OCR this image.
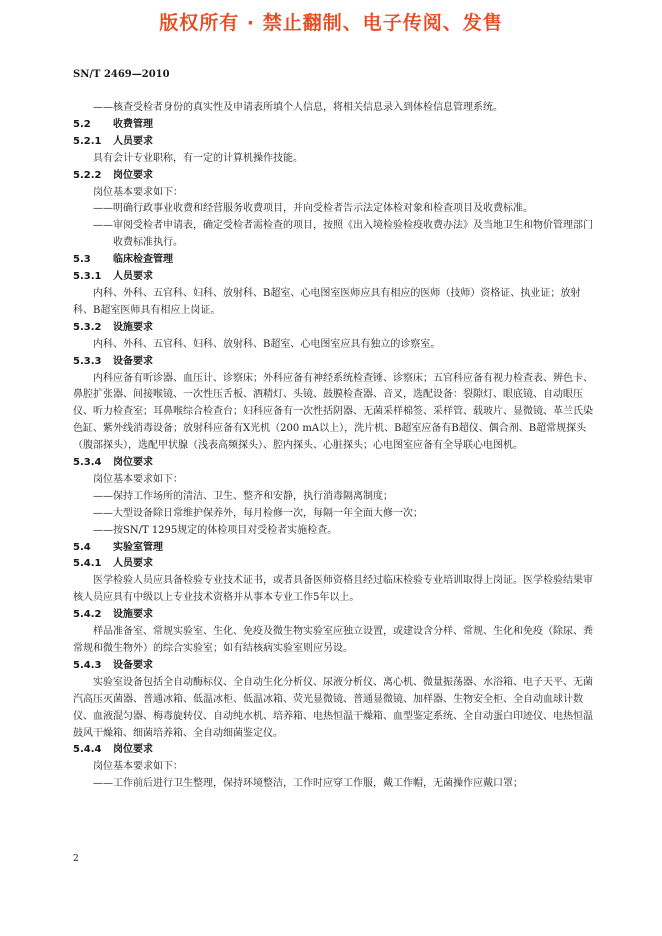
版权所有 · 禁止翻制、电子传阅、发售
SN/T 2469—2010
——核查受检者身份的真实性及申请表所填个人信息，将相关信息录入到体检信息管理系统。
5.2 收费管理
5.2.1 人员要求
具有会计专业职称，有一定的计算机操作技能。
5.2.2 岗位要求
岗位基本要求如下：
——明确行政事业收费和经营服务收费项目，并向受检者告示法定体检对象和检查项目及收费标准。
——审阅受检者申请表，确定受检者需检查的项目，按照《出入境检验检疫收费办法》及当地卫生和物价管理部门收费标准执行。
5.3 临床检查管理
5.3.1 人员要求
内科、外科、五官科、妇科、放射科、B超室、心电图室医师应具有相应的医师（技师）资格证、执业证；放射科、B超室医师具有相应上岗证。
5.3.2 设施要求
内科、外科、五官科、妇科、放射科、B超室、心电图室应具有独立的诊察室。
5.3.3 设备要求
内科应备有听诊器、血压计、诊察床；外科应备有神经系统检查锤、诊察床；五官科应备有视力检查表、辨色卡、鼻腔扩张器、间接喉镜、一次性压舌板、酒精灯、头镜、鼓膜检查器、音叉，选配设备：裂隙灯、眼底镜、自动眼压仪、听力检查室；耳鼻喉综合检查台；妇科应备有一次性括阴器、无菌采样棉签、采样管、载玻片、显微镜、革兰氏染色缸、紫外线消毒设备；放射科应备有X光机（200 mA以上），洗片机、B超室应备有B超仪、偶合剂、B超常规探头（腹部探头），选配甲状腺（浅表高频探头）、腔内探头、心脏探头；心电图室应备有全导联心电图机。
5.3.4 岗位要求
岗位基本要求如下：
——保持工作场所的清洁、卫生、整齐和安静，执行消毒隔离制度；
——大型设备除日常维护保养外，每月检修一次，每隔一年全面大修一次；
——按SN/T 1295规定的体检项目对受检者实施检查。
5.4 实验室管理
5.4.1 人员要求
医学检验人员应具备检验专业技术证书，或者具备医师资格且经过临床检验专业培训取得上岗证。医学检验结果审核人员应具有中级以上专业技术资格并从事本专业工作5年以上。
5.4.2 设施要求
样品准备室、常规实验室、生化、免疫及微生物实验室应独立设置，或建设含分样、常规、生化和免疫（除尿、粪常规和微生物外）的综合实验室；如有结核病实验室则应另设。
5.4.3 设备要求
实验室设备包括全自动酶标仪、全自动生化分析仪、尿液分析仪、离心机、微量振荡器、水浴箱、电子天平、无菌汽高压灭菌器、普通冰箱、低温冰柜、低温冰箱、荧光显微镜、普通显微镜、加样器、生物安全柜、全自动血球计数仪、血液混匀器、梅毒旋转仪、自动纯水机、培养箱、电热恒温干燥箱、血型鉴定系统、全自动蛋白印迹仪、电热恒温鼓风干燥箱、细菌培养箱、全自动细菌鉴定仪。
5.4.4 岗位要求
岗位基本要求如下：
——工作前后进行卫生整理，保持环境整洁，工作时应穿工作服，戴工作帽，无菌操作应戴口罩；
2
